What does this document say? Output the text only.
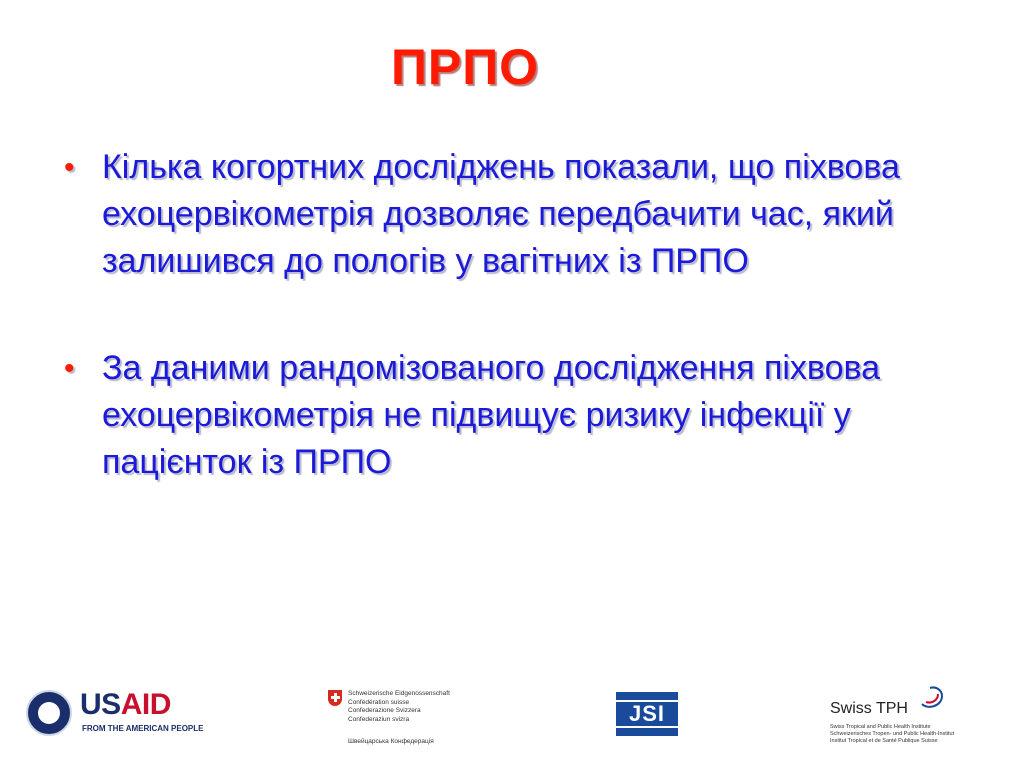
ПРПО
• Кілька когортних досліджень показали, що піхвова ехоцервікометрія дозволяє передбачити час, який залишився до пологів у вагітних із ПРПО
• За даними рандомізованого дослідження піхвова ехоцервікометрія не підвищує ризику інфекції у пацієнток із ПРПО
USAID
FROM THE AMERICAN PEOPLE
Schweizerische Eidgenossenschaft
Confédération suisse
Confederazione Svizzera
Confederaziun svizra
Швейцарська Конфедерація
JSI	Swiss TPH
Swiss Tropical and Public Health Institute
Schweizerisches Tropen- und Public Health-Institut
Institut Tropical et de Santé Publique Suisse
